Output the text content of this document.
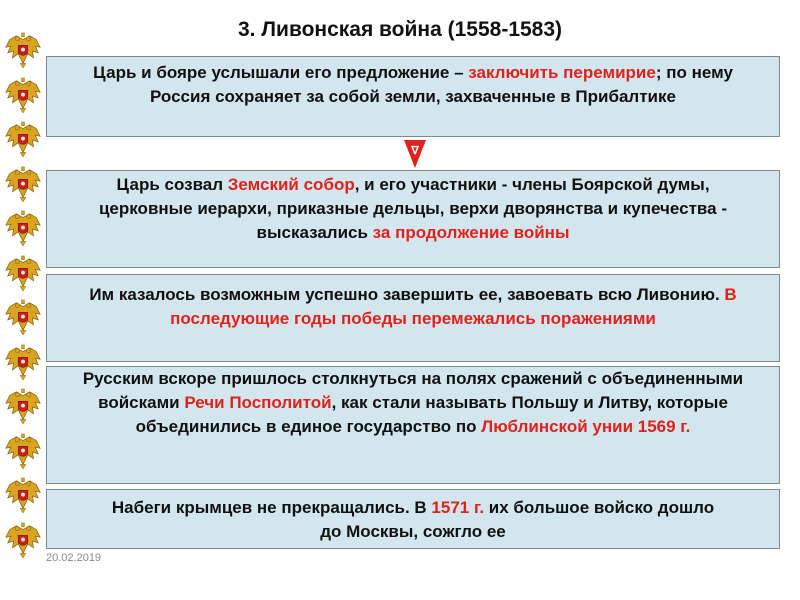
3. Ливонская война (1558-1583)
Царь и бояре услышали его предложение – заключить перемирие; по нему Россия сохраняет за собой земли, захваченные в Прибалтике
∇
Царь созвал Земский собор, и его участники - члены Боярской думы, церковные иерархи, приказные дельцы, верхи дворянства и купечества - высказались за продолжение войны
Им казалось возможным успешно завершить ее, завоевать всю Ливонию. В последующие годы победы перемежались поражениями
Русским вскоре пришлось столкнуться на полях сражений с объединенными войсками Речи Посполитой, как стали называть Польшу и Литву, которые объединились в единое государство по Люблинской унии 1569 г.
Набеги крымцев не прекращались. В 1571 г. их большое войско дошло до Москвы, сожгло ее
20.02.2019
